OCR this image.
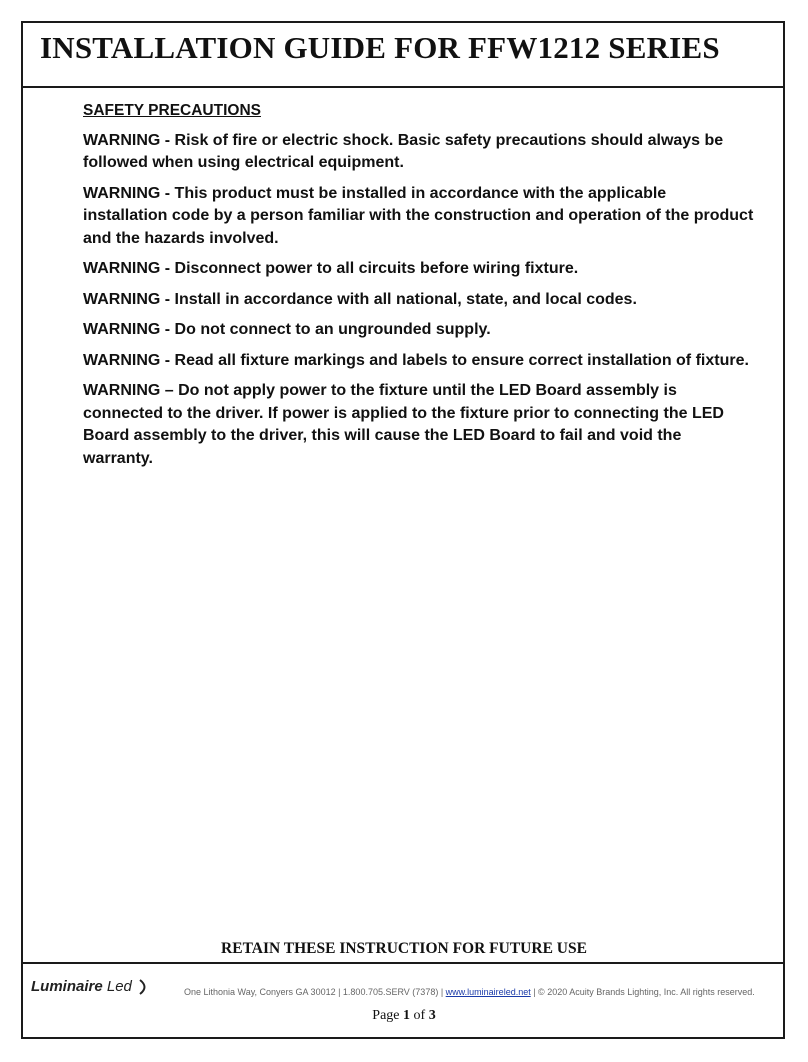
INSTALLATION GUIDE FOR FFW1212 SERIES

SAFETY PRECAUTIONS

WARNING - Risk of fire or electric shock. Basic safety precautions should always be followed when using electrical equipment.

WARNING - This product must be installed in accordance with the applicable installation code by a person familiar with the construction and operation of the product and the hazards involved.

WARNING - Disconnect power to all circuits before wiring fixture.

WARNING - Install in accordance with all national, state, and local codes.

WARNING - Do not connect to an ungrounded supply.

WARNING - Read all fixture markings and labels to ensure correct installation of fixture.

WARNING – Do not apply power to the fixture until the LED Board assembly is connected to the driver. If power is applied to the fixture prior to connecting the LED Board assembly to the driver, this will cause the LED Board to fail and void the warranty.

RETAIN THESE INSTRUCTION FOR FUTURE USE
Luminaire Led	One Lithonia Way, Conyers GA 30012 | 1.800.705.SERV (7378) | www.luminaireled.net | © 2020 Acuity Brands Lighting, Inc. All rights reserved.
Page 1 of 3
